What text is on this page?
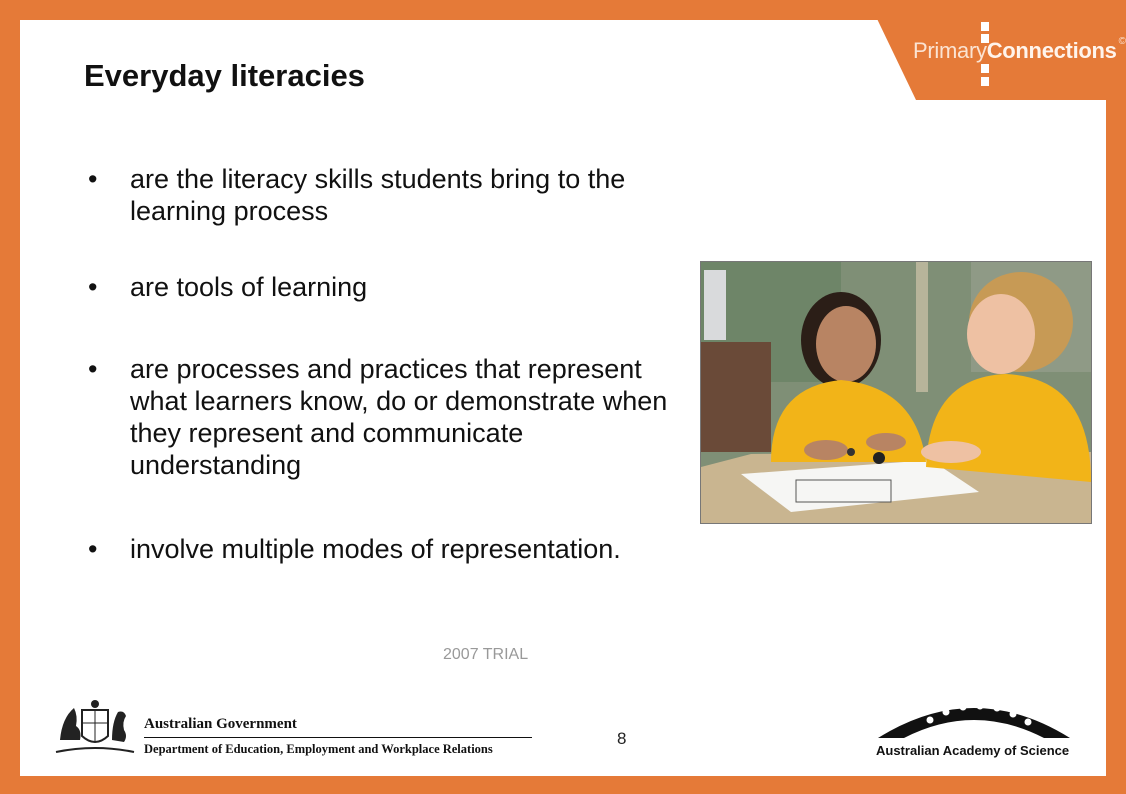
PrimaryConnections ©
Everyday literacies
• are the literacy skills students bring to the learning process
• are tools of learning
• are processes and practices that represent what learners know, do or demonstrate when they represent and communicate understanding
• involve multiple modes of representation.
2007 TRIAL
8
Australian Government
Department of Education, Employment and Workplace Relations	Australian Academy of Science
